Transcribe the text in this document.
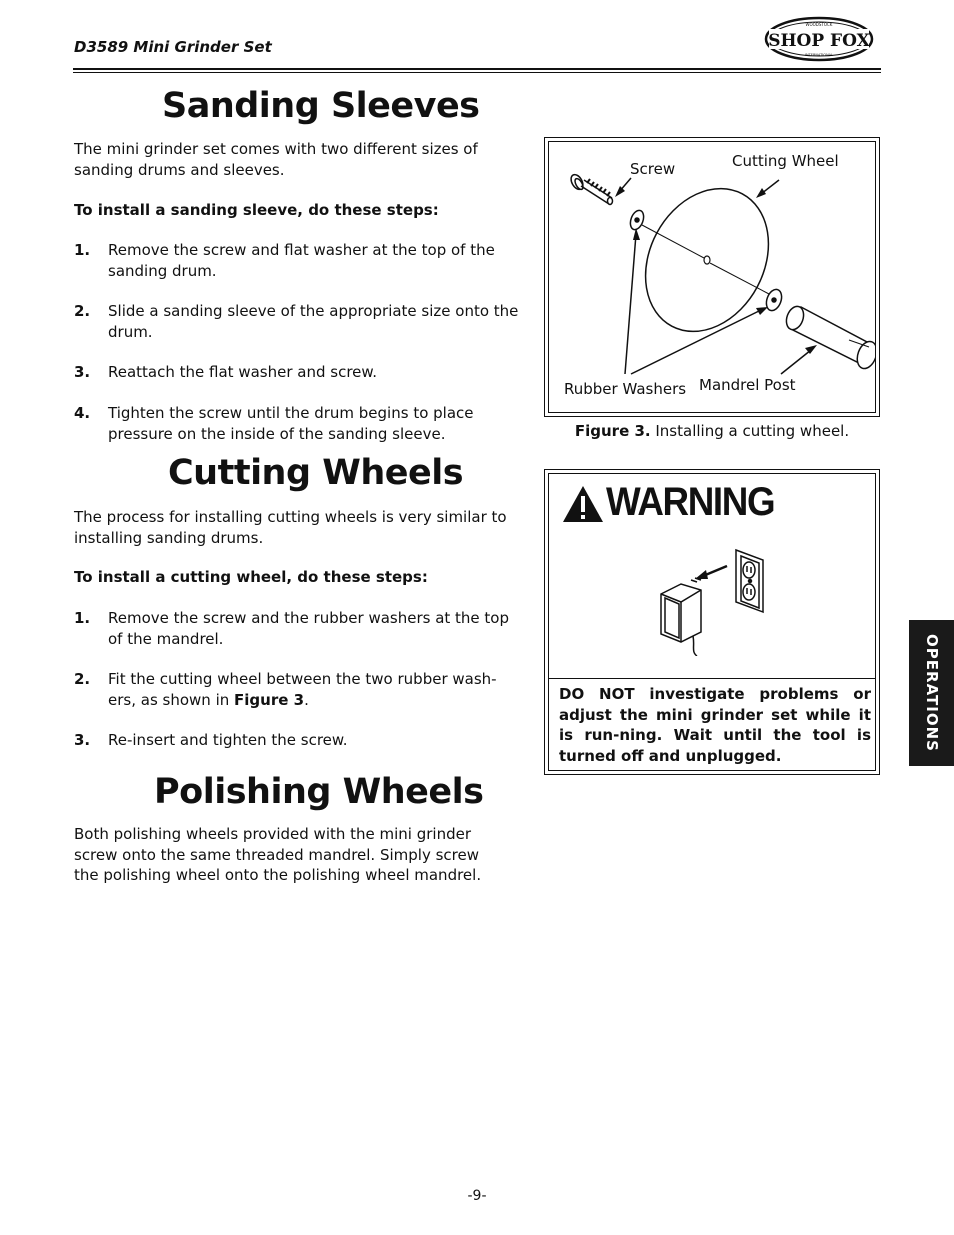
D3589 Mini Grinder Set	SHOP FOX
WOODSTOCK
INTERNATIONAL
Sanding Sleeves
The mini grinder set comes with two different sizes of sanding drums and sleeves.
To install a sanding sleeve, do these steps:
1. Remove the screw and flat washer at the top of the sanding drum.
2. Slide a sanding sleeve of the appropriate size onto the drum.
3. Reattach the flat washer and screw.
4. Tighten the screw until the drum begins to place pressure on the inside of the sanding sleeve.
Cutting Wheels
The process for installing cutting wheels is very similar to installing sanding drums.
To install a cutting wheel, do these steps:
1. Remove the screw and the rubber washers at the top of the mandrel.
2. Fit the cutting wheel between the two rubber wash-ers, as shown in Figure 3.
3. Re-insert and tighten the screw.
Polishing Wheels
Both polishing wheels provided with the mini grinder screw onto the same threaded mandrel. Simply screw the polishing wheel onto the polishing wheel mandrel.
Screw	Cutting Wheel
Rubber Washers Mandrel Post
Figure 3. Installing a cutting wheel.
WARNING
DO NOT investigate problems or adjust the mini grinder set while it is run-ning. Wait until the tool is turned off and unplugged.
OPERATIONS
-9-
